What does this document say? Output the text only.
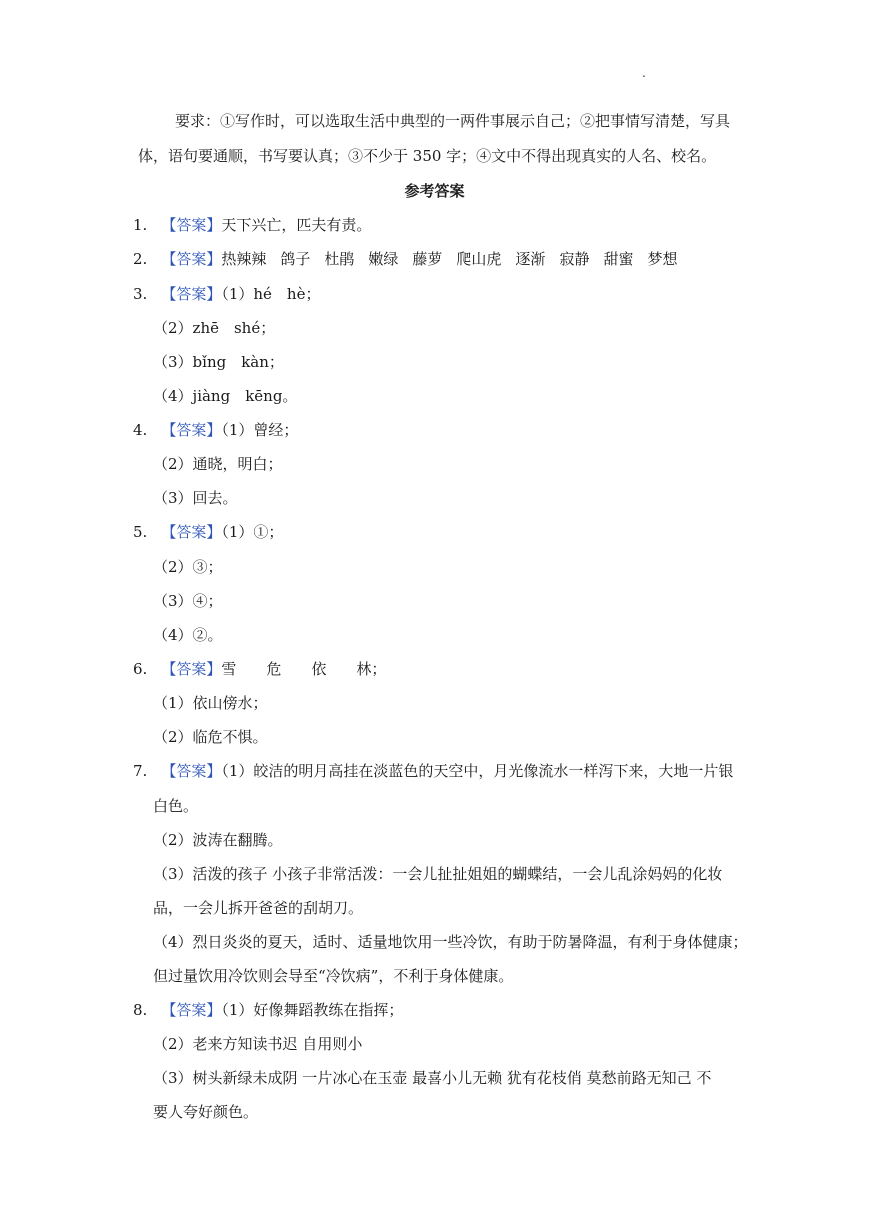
.
要求：①写作时，可以选取生活中典型的一两件事展示自己；②把事情写清楚，写具
体，语句要通顺，书写要认真；③不少于 350 字；④文中不得出现真实的人名、校名。
参考答案
1. 【答案】天下兴亡，匹夫有责。
2. 【答案】热辣辣 鸽子 杜鹃 嫩绿 藤萝 爬山虎 逐渐 寂静 甜蜜 梦想
3. 【答案】（1）hé　hè；
（2）zhē　shé；
（3）bǐng　kàn；
（4）jiàng　kēng。
4. 【答案】（1）曾经；
（2）通晓，明白；
（3）回去。
5. 【答案】（1）①；
（2）③；
（3）④；
（4）②。
6. 【答案】雪　　危　　依　　林；
（1）依山傍水；
（2）临危不惧。
7. 【答案】（1）皎洁的明月高挂在淡蓝色的天空中，月光像流水一样泻下来，大地一片银
白色。
（2）波涛在翻腾。
（3）活泼的孩子 小孩子非常活泼：一会儿扯扯姐姐的蝴蝶结，一会儿乱涂妈妈的化妆
品，一会儿拆开爸爸的刮胡刀。
（4）烈日炎炎的夏天，适时、适量地饮用一些冷饮，有助于防暑降温，有利于身体健康；
但过量饮用冷饮则会导至“冷饮病”，不利于身体健康。
8. 【答案】（1）好像舞蹈教练在指挥；
（2）老来方知读书迟 自用则小
（3）树头新绿未成阴 一片冰心在玉壶 最喜小儿无赖 犹有花枝俏 莫愁前路无知己 不
要人夸好颜色。
